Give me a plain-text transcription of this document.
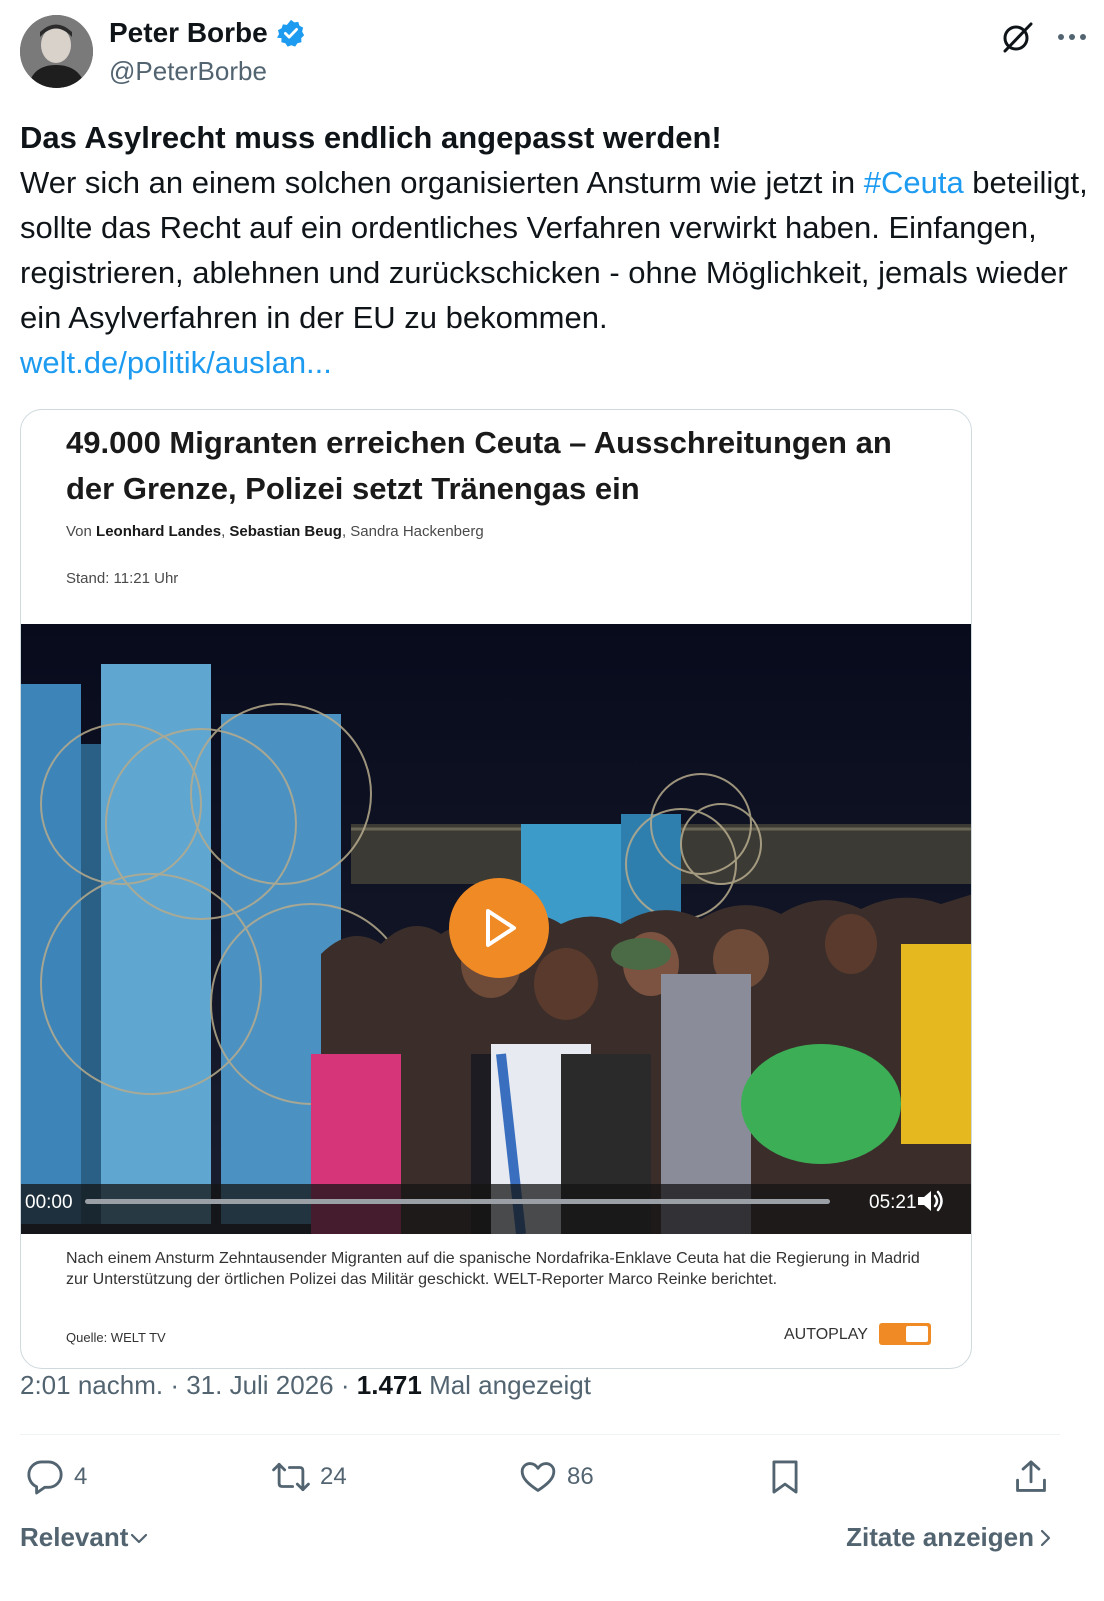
Peter Borbe
@PeterBorbe
Das Asylrecht muss endlich angepasst werden!
Wer sich an einem solchen organisierten Ansturm wie jetzt in #Ceuta beteiligt, sollte das Recht auf ein ordentliches Verfahren verwirkt haben. Einfangen, registrieren, ablehnen und zurückschicken - ohne Möglichkeit, jemals wieder ein Asylverfahren in der EU zu bekommen.
welt.de/politik/auslan...
49.000 Migranten erreichen Ceuta – Ausschreitungen an der Grenze, Polizei setzt Tränengas ein
Von Leonhard Landes, Sebastian Beug, Sandra Hackenberg
Stand: 11:21 Uhr
00:00	05:21
Nach einem Ansturm Zehntausender Migranten auf die spanische Nordafrika-Enklave Ceuta hat die Regierung in Madrid zur Unterstützung der örtlichen Polizei das Militär geschickt. WELT-Reporter Marco Reinke berichtet.
Quelle: WELT TV	AUTOPLAY
2:01 nachm. · 31. Juli 2026 · 1.471 Mal angezeigt
4	24	86
Relevant	Zitate anzeigen
